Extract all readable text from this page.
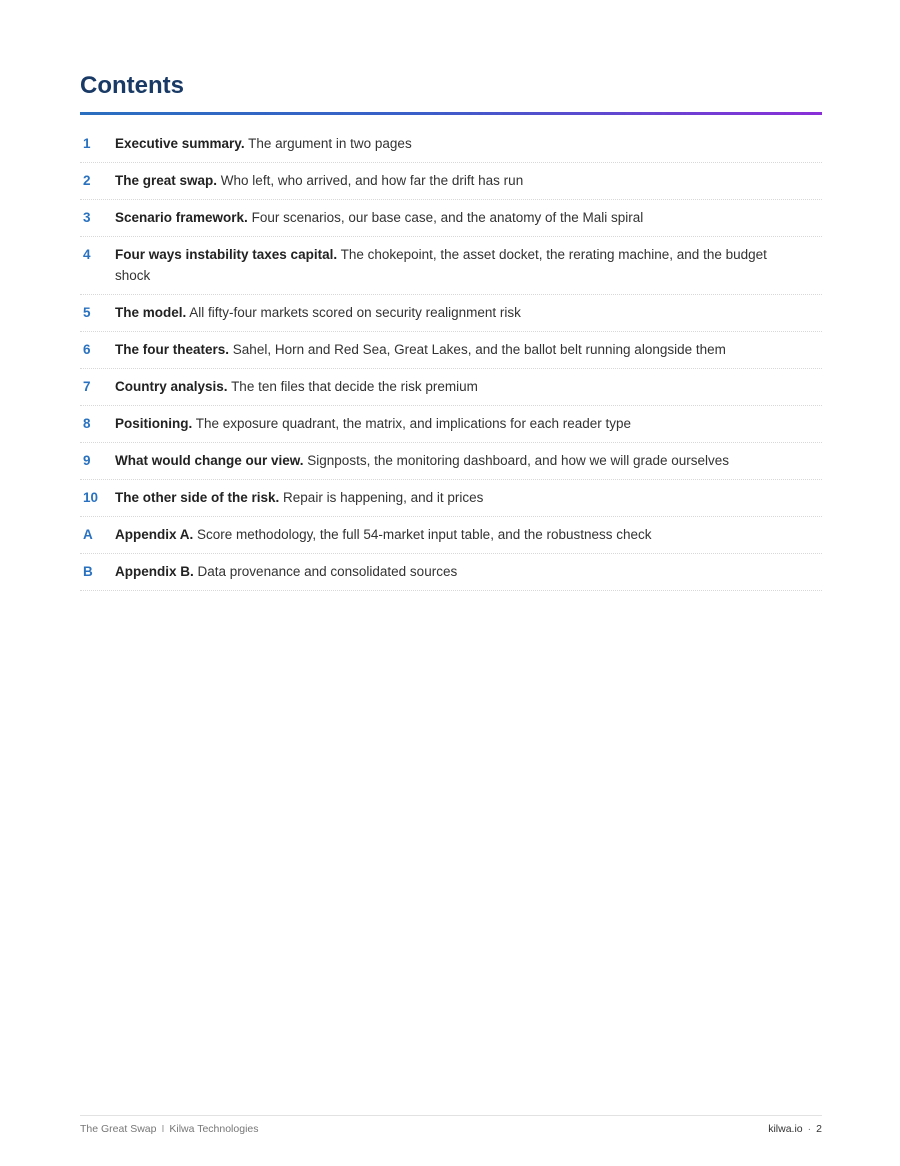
Contents
1	Executive summary. The argument in two pages
2	The great swap. Who left, who arrived, and how far the drift has run
3	Scenario framework. Four scenarios, our base case, and the anatomy of the Mali spiral
4	Four ways instability taxes capital. The chokepoint, the asset docket, the rerating machine, and the budget shock
5	The model. All fifty-four markets scored on security realignment risk
6	The four theaters. Sahel, Horn and Red Sea, Great Lakes, and the ballot belt running alongside them
7	Country analysis. The ten files that decide the risk premium
8	Positioning. The exposure quadrant, the matrix, and implications for each reader type
9	What would change our view. Signposts, the monitoring dashboard, and how we will grade ourselves
10	The other side of the risk. Repair is happening, and it prices
A	Appendix A. Score methodology, the full 54-market input table, and the robustness check
B	Appendix B. Data provenance and consolidated sources
The Great Swap I Kilwa Technologies	kilwa.io · 2
